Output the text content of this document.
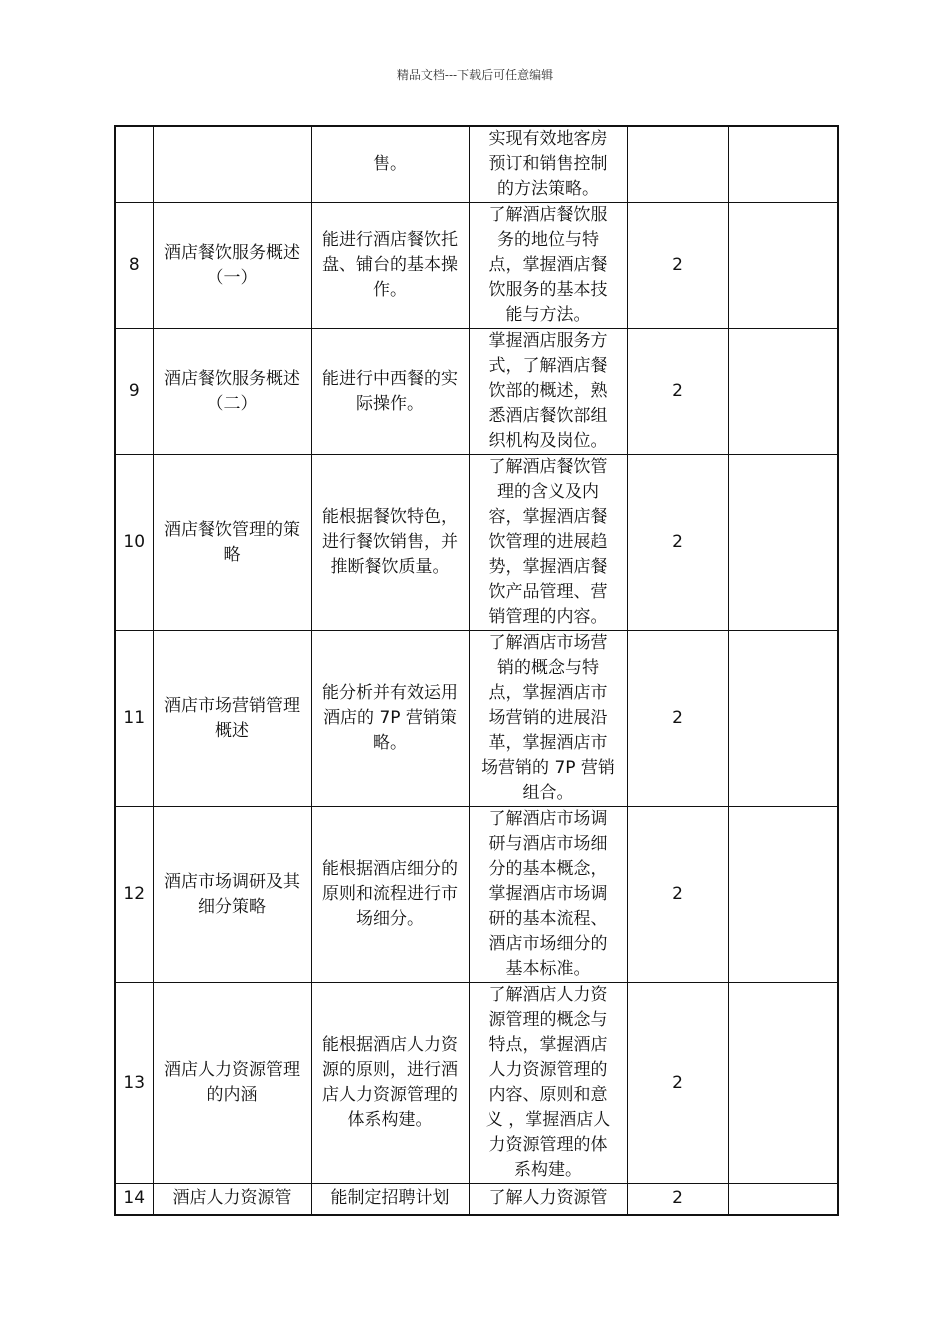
精品文档---下载后可任意编辑
		售。	实现有效地客房预订和销售控制的方法策略。		
8	酒店餐饮服务概述（一）	能进行酒店餐饮托盘、铺台的基本操作。	了解酒店餐饮服务的地位与特点，掌握酒店餐饮服务的基本技能与方法。	2	
9	酒店餐饮服务概述（二）	能进行中西餐的实际操作。	掌握酒店服务方式，了解酒店餐饮部的概述，熟悉酒店餐饮部组织机构及岗位。	2	
10	酒店餐饮管理的策略	能根据餐饮特色，进行餐饮销售，并推断餐饮质量。	了解酒店餐饮管理的含义及内容，掌握酒店餐饮管理的进展趋势，掌握酒店餐饮产品管理、营销管理的内容。	2	
11	酒店市场营销管理概述	能分析并有效运用酒店的 7P 营销策略。	了解酒店市场营销的概念与特点，掌握酒店市场营销的进展沿革，掌握酒店市场营销的 7P 营销组合。	2	
12	酒店市场调研及其细分策略	能根据酒店细分的原则和流程进行市场细分。	了解酒店市场调研与酒店市场细分的基本概念，掌握酒店市场调研的基本流程、酒店市场细分的基本标准。	2	
13	酒店人力资源管理的内涵	能根据酒店人力资源的原则，进行酒店人力资源管理的体系构建。	了解酒店人力资源管理的概念与特点，掌握酒店人力资源管理的内容、原则和意义 ，掌握酒店人力资源管理的体系构建。	2	
14	酒店人力资源管	能制定招聘计划	了解人力资源管	2	
